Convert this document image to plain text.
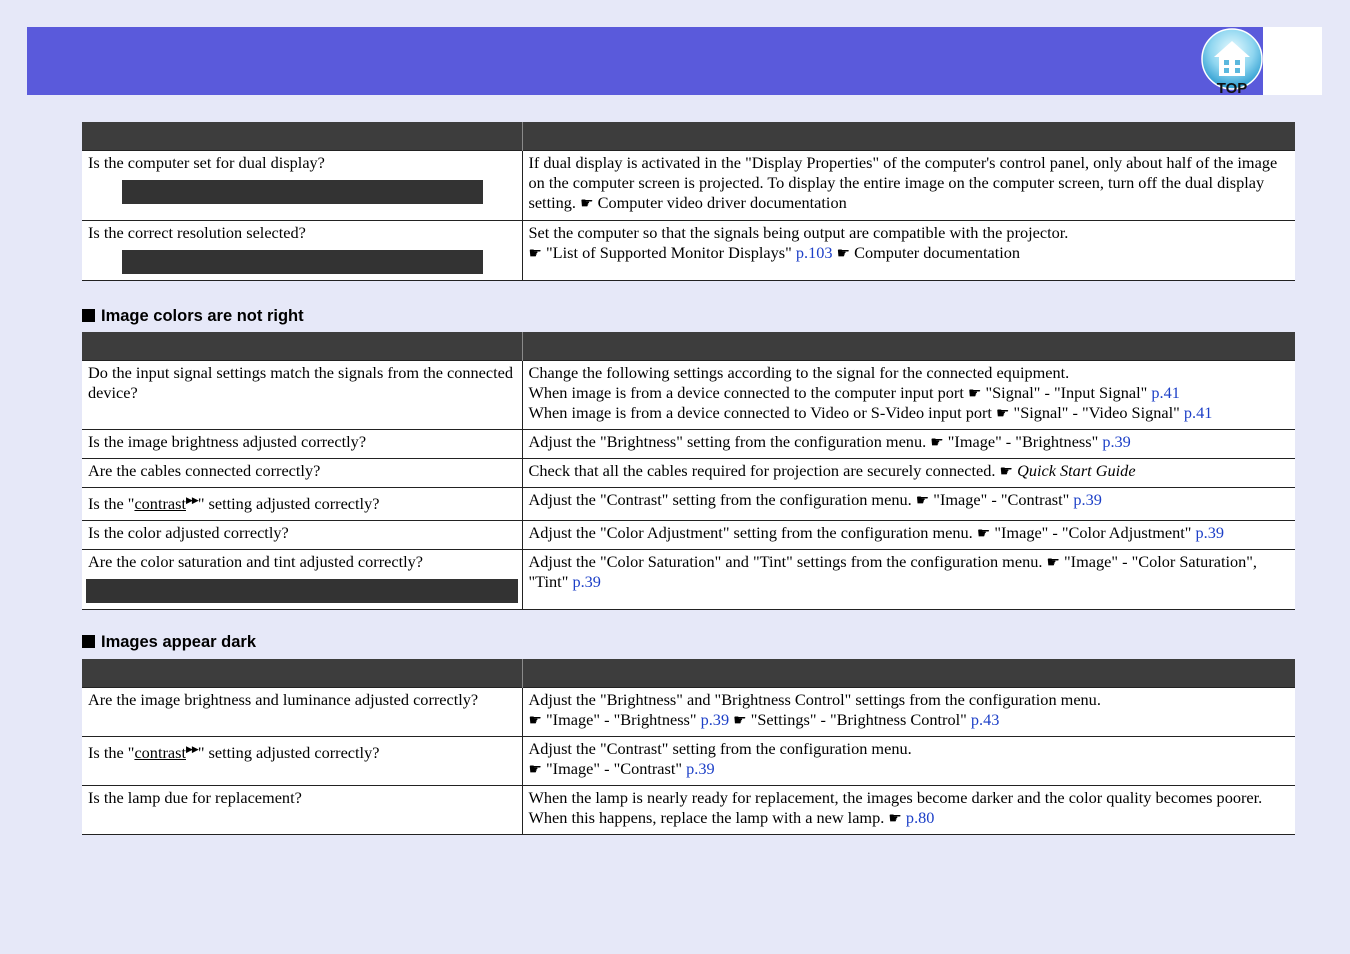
TOP

Is the computer set for dual display?	If dual display is activated in the "Display Properties" of the computer's control panel, only about half of the image on the computer screen is projected. To display the entire image on the computer screen, turn off the dual display setting. ☛ Computer video driver documentation
Is the correct resolution selected?	Set the computer so that the signals being output are compatible with the projector.
☛ "List of Supported Monitor Displays" p.103 ☛ Computer documentation
Image colors are not right

Do the input signal settings match the signals from the connected device?	Change the following settings according to the signal for the connected equipment.
When image is from a device connected to the computer input port ☛ "Signal" - "Input Signal" p.41
When image is from a device connected to Video or S-Video input port ☛ "Signal" - "Video Signal" p.41
Is the image brightness adjusted correctly?	Adjust the "Brightness" setting from the configuration menu. ☛ "Image" - "Brightness" p.39
Are the cables connected correctly?	Check that all the cables required for projection are securely connected. ☛ Quick Start Guide
Is the "contrast▶▶" setting adjusted correctly?	Adjust the "Contrast" setting from the configuration menu. ☛ "Image" - "Contrast" p.39
Is the color adjusted correctly?	Adjust the "Color Adjustment" setting from the configuration menu. ☛ "Image" - "Color Adjustment" p.39
Are the color saturation and tint adjusted correctly?	Adjust the "Color Saturation" and "Tint" settings from the configuration menu. ☛ "Image" - "Color Saturation", "Tint" p.39
Images appear dark

Are the image brightness and luminance adjusted correctly?	Adjust the "Brightness" and "Brightness Control" settings from the configuration menu.
☛ "Image" - "Brightness" p.39 ☛ "Settings" - "Brightness Control" p.43
Is the "contrast▶▶" setting adjusted correctly?	Adjust the "Contrast" setting from the configuration menu.
☛ "Image" - "Contrast" p.39
Is the lamp due for replacement?	When the lamp is nearly ready for replacement, the images become darker and the color quality becomes poorer. When this happens, replace the lamp with a new lamp. ☛ p.80
